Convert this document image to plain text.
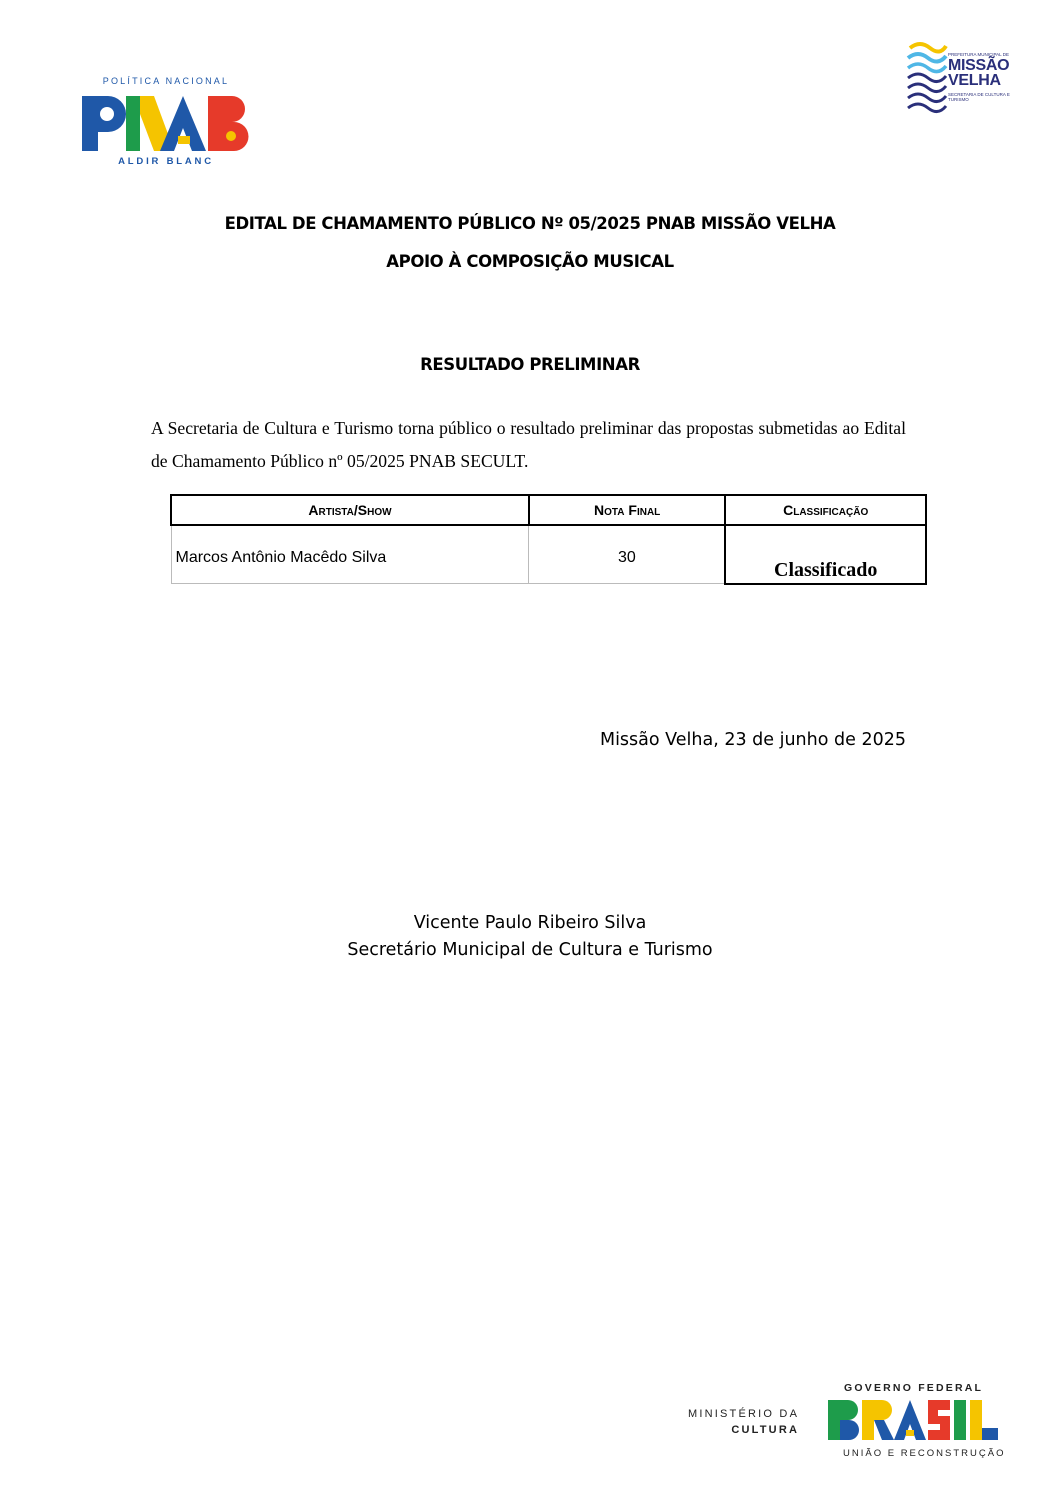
POLÍTICA NACIONAL
ALDIR BLANC
PREFEITURA MUNICIPAL DE
MISSÃO
VELHA
SECRETARIA DE CULTURA E TURISMO
EDITAL DE CHAMAMENTO PÚBLICO Nº 05/2025 PNAB MISSÃO VELHA
APOIO À COMPOSIÇÃO MUSICAL
RESULTADO PRELIMINAR
A Secretaria de Cultura e Turismo torna público o resultado preliminar das propostas submetidas ao Edital de Chamamento Público nº 05/2025 PNAB SECULT.
Artista/Show	Nota Final	Classificação
Marcos Antônio Macêdo Silva	30	Classificado
Missão Velha, 23 de junho de 2025
Vicente Paulo Ribeiro Silva
Secretário Municipal de Cultura e Turismo
MINISTÉRIO DA
CULTURA
GOVERNO FEDERAL
UNIÃO E RECONSTRUÇÃO
